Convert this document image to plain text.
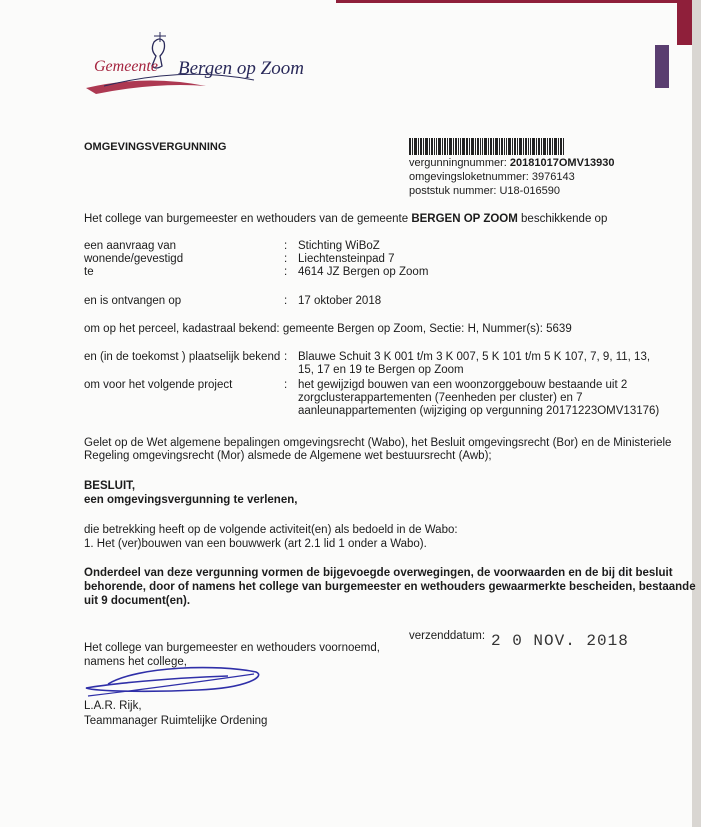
Gemeente Bergen op Zoom
OMGEVINGSVERGUNNING
vergunningnummer: 20181017OMV13930
omgevingsloketnummer: 3976143
poststuk nummer: U18-016590
Het college van burgemeester en wethouders van de gemeente BERGEN OP ZOOM beschikkende op
een aanvraag van
wonende/gevestigd
te
:
:
:
Stichting WiBoZ
Liechtensteinpad 7
4614 JZ Bergen op Zoom
en is ontvangen op	: 17 oktober 2018
om op het perceel, kadastraal bekend: gemeente Bergen op Zoom, Sectie: H, Nummer(s): 5639
en (in de toekomst ) plaatselijk bekend : Blauwe Schuit 3 K 001 t/m 3 K 007, 5 K 101 t/m 5 K 107, 7, 9, 11, 13,
15, 17 en 19 te Bergen op Zoom
om voor het volgende project	: het gewijzigd bouwen van een woonzorggebouw bestaande uit 2
zorgclusterappartementen (7eenheden per cluster) en 7
aanleunappartementen (wijziging op vergunning 20171223OMV13176)
Gelet op de Wet algemene bepalingen omgevingsrecht (Wabo), het Besluit omgevingsrecht (Bor) en de Ministeriele
Regeling omgevingsrecht (Mor) alsmede de Algemene wet bestuursrecht (Awb);
BESLUIT,
een omgevingsvergunning te verlenen,
die betrekking heeft op de volgende activiteit(en) als bedoeld in de Wabo:
1. Het (ver)bouwen van een bouwwerk (art 2.1 lid 1 onder a Wabo).
Onderdeel van deze vergunning vormen de bijgevoegde overwegingen, de voorwaarden en de bij dit besluit
behorende, door of namens het college van burgemeester en wethouders gewaarmerkte bescheiden, bestaande
uit 9 document(en).
verzenddatum: 2 0 NOV. 2018
Het college van burgemeester en wethouders voornoemd,
namens het college,
L.A.R. Rijk,
Teammanager Ruimtelijke Ordening
